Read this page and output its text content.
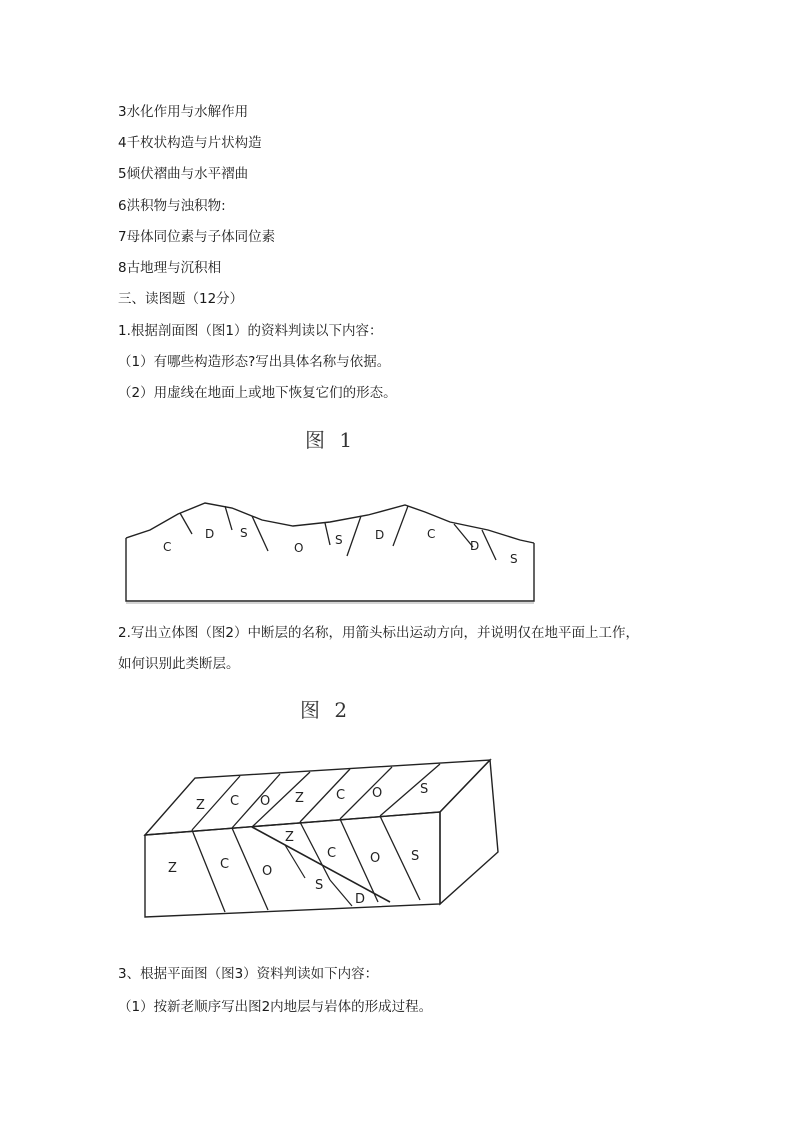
3水化作用与水解作用
4千枚状构造与片状构造
5倾伏褶曲与水平褶曲
6洪积物与浊积物:
7母体同位素与子体同位素
8古地理与沉积相
三、读图题（12分）
1.根据剖面图（图1）的资料判读以下内容：
（1）有哪些构造形态?写出具体名称与依据。
（2）用虚线在地面上或地下恢复它们的形态。
图 1
C
D S
O
S	D	C
D
S
2.写出立体图（图2）中断层的名称，用箭头标出运动方向，并说明仅在地平面上工作，
如何识别此类断层。
图 2
Z C O Z C O	S
Z	C	O
Z
C	O S
S
D
3、根据平面图（图3）资料判读如下内容：
（1）按新老顺序写出图2内地层与岩体的形成过程。
